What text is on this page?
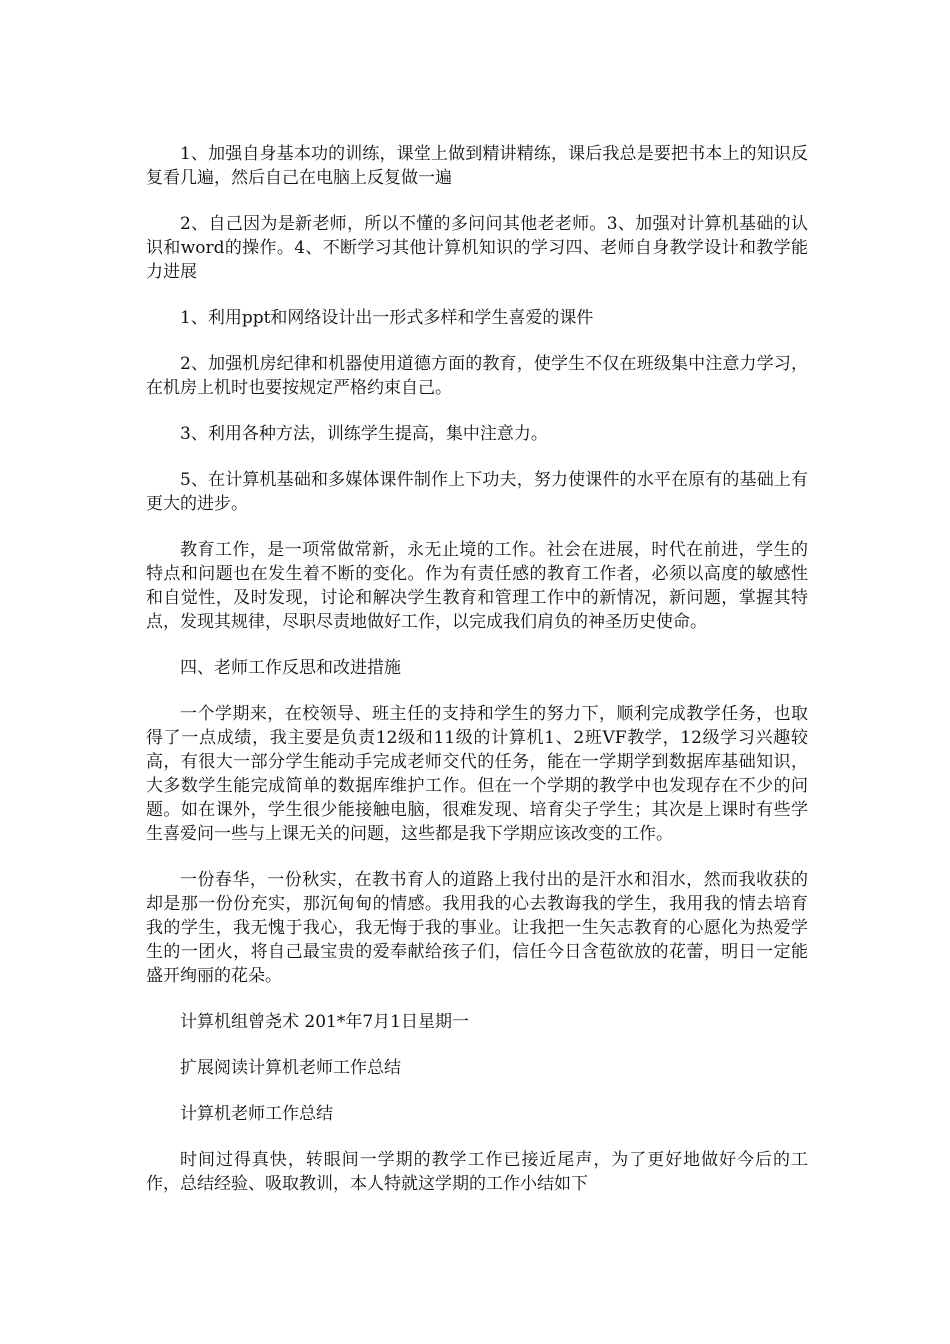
1、加强自身基本功的训练，课堂上做到精讲精练，课后我总是要把书本上的知识反复看几遍，然后自己在电脑上反复做一遍

2、自己因为是新老师，所以不懂的多问问其他老老师。3、加强对计算机基础的认识和word的操作。4、不断学习其他计算机知识的学习四、老师自身教学设计和教学能力进展

1、利用ppt和网络设计出一形式多样和学生喜爱的课件

2、加强机房纪律和机器使用道德方面的教育，使学生不仅在班级集中注意力学习，在机房上机时也要按规定严格约束自己。

3、利用各种方法，训练学生提高，集中注意力。

5、在计算机基础和多媒体课件制作上下功夫，努力使课件的水平在原有的基础上有更大的进步。

教育工作，是一项常做常新，永无止境的工作。社会在进展，时代在前进，学生的特点和问题也在发生着不断的变化。作为有责任感的教育工作者，必须以高度的敏感性和自觉性，及时发现，讨论和解决学生教育和管理工作中的新情况，新问题，掌握其特点，发现其规律，尽职尽责地做好工作，以完成我们肩负的神圣历史使命。

四、老师工作反思和改进措施

一个学期来，在校领导、班主任的支持和学生的努力下，顺利完成教学任务，也取得了一点成绩，我主要是负责12级和11级的计算机1、2班VF教学，12级学习兴趣较高，有很大一部分学生能动手完成老师交代的任务，能在一学期学到数据库基础知识，大多数学生能完成简单的数据库维护工作。但在一个学期的教学中也发现存在不少的问题。如在课外，学生很少能接触电脑，很难发现、培育尖子学生；其次是上课时有些学生喜爱问一些与上课无关的问题，这些都是我下学期应该改变的工作。

一份春华，一份秋实，在教书育人的道路上我付出的是汗水和泪水，然而我收获的却是那一份份充实，那沉甸甸的情感。我用我的心去教诲我的学生，我用我的情去培育我的学生，我无愧于我心，我无悔于我的事业。让我把一生矢志教育的心愿化为热爱学生的一团火，将自己最宝贵的爱奉献给孩子们，信任今日含苞欲放的花蕾，明日一定能盛开绚丽的花朵。

计算机组曾尧术 201*年7月1日星期一

扩展阅读计算机老师工作总结

计算机老师工作总结

时间过得真快，转眼间一学期的教学工作已接近尾声，为了更好地做好今后的工作，总结经验、吸取教训，本人特就这学期的工作小结如下
